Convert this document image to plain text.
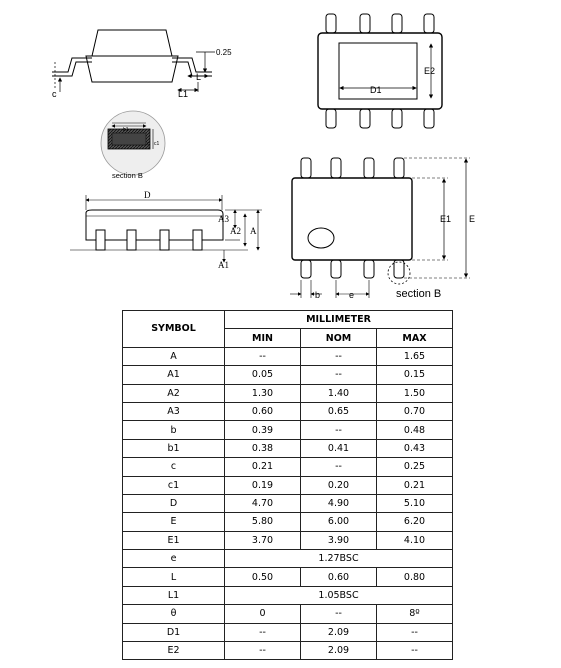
0.25
c
L
L1
b1
c c1
section B
D
A3
A2 A
A1
D1
E2
E1 E
b	e	section B
SYMBOL	MILLIMETER		
	MIN	NOM	MAX
A	--	--	1.65
A1	0.05	--	0.15
A2	1.30	1.40	1.50
A3	0.60	0.65	0.70
b	0.39	--	0.48
b1	0.38	0.41	0.43
c	0.21	--	0.25
c1	0.19	0.20	0.21
D	4.70	4.90	5.10
E	5.80	6.00	6.20
E1	3.70	3.90	4.10
e	1.27BSC		
L	0.50	0.60	0.80
L1	1.05BSC		
θ	0	--	8º
D1	--	2.09	--
E2	--	2.09	--
